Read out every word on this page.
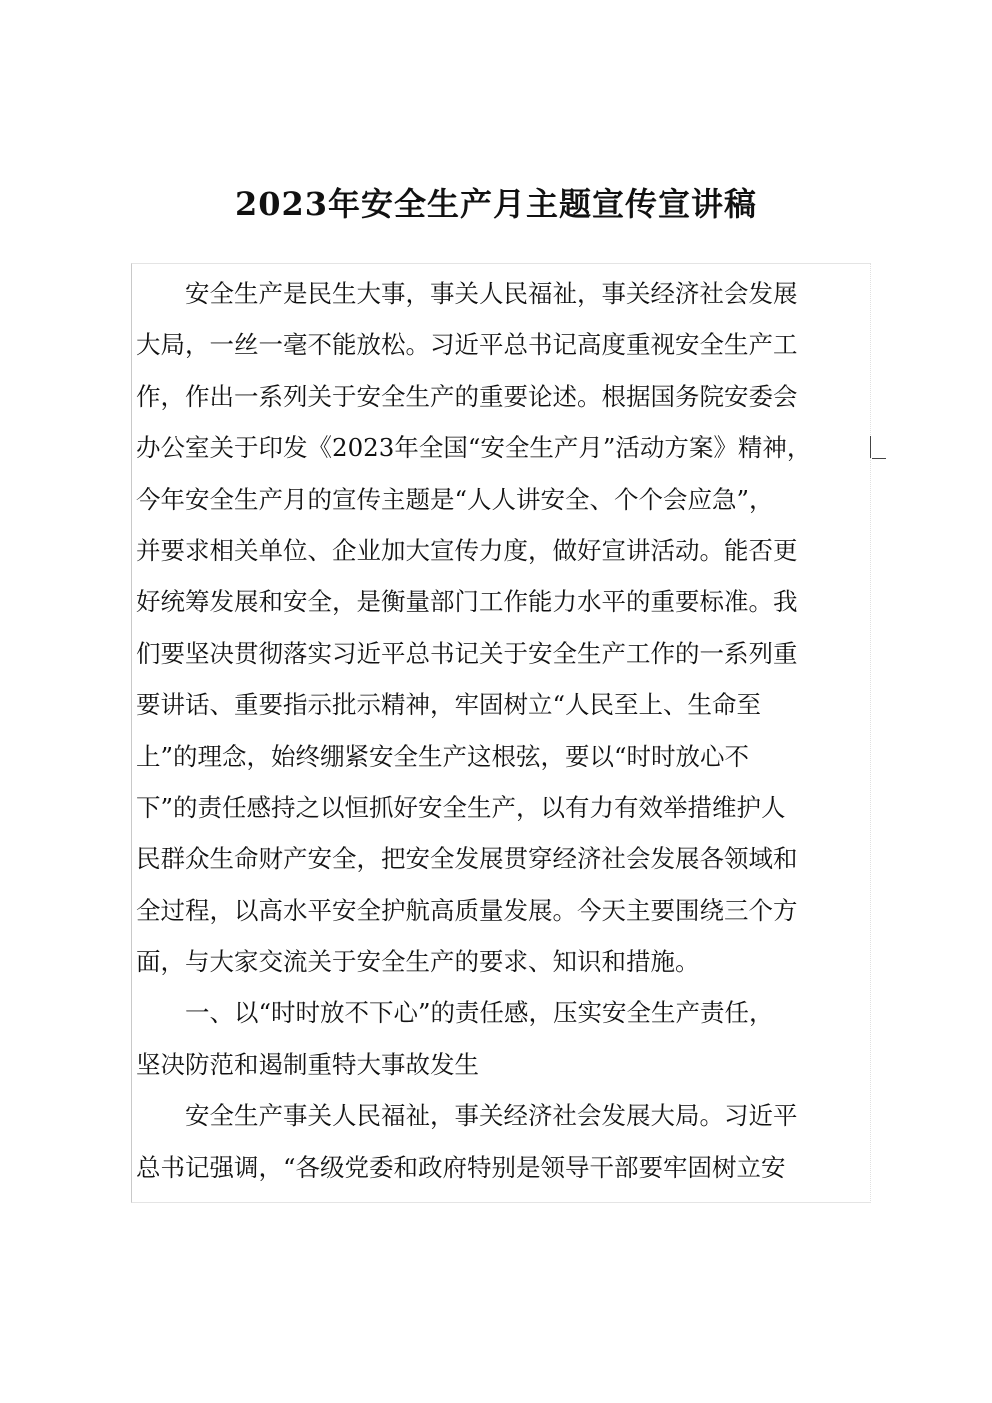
2023年安全生产月主题宣传宣讲稿
安全生产是民生大事，事关人民福祉，事关经济社会发展
大局，一丝一毫不能放松。习近平总书记高度重视安全生产工
作，作出一系列关于安全生产的重要论述。根据国务院安委会
办公室关于印发《2023年全国“安全生产月”活动方案》精神，
今年安全生产月的宣传主题是“人人讲安全、个个会应急”，
并要求相关单位、企业加大宣传力度，做好宣讲活动。能否更
好统筹发展和安全，是衡量部门工作能力水平的重要标准。我
们要坚决贯彻落实习近平总书记关于安全生产工作的一系列重
要讲话、重要指示批示精神，牢固树立“人民至上、生命至
上”的理念，始终绷紧安全生产这根弦，要以“时时放心不
下”的责任感持之以恒抓好安全生产，以有力有效举措维护人
民群众生命财产安全，把安全发展贯穿经济社会发展各领域和
全过程，以高水平安全护航高质量发展。今天主要围绕三个方
面，与大家交流关于安全生产的要求、知识和措施。
一、以“时时放不下心”的责任感，压实安全生产责任，
坚决防范和遏制重特大事故发生
安全生产事关人民福祉，事关经济社会发展大局。习近平
总书记强调，“各级党委和政府特别是领导干部要牢固树立安
